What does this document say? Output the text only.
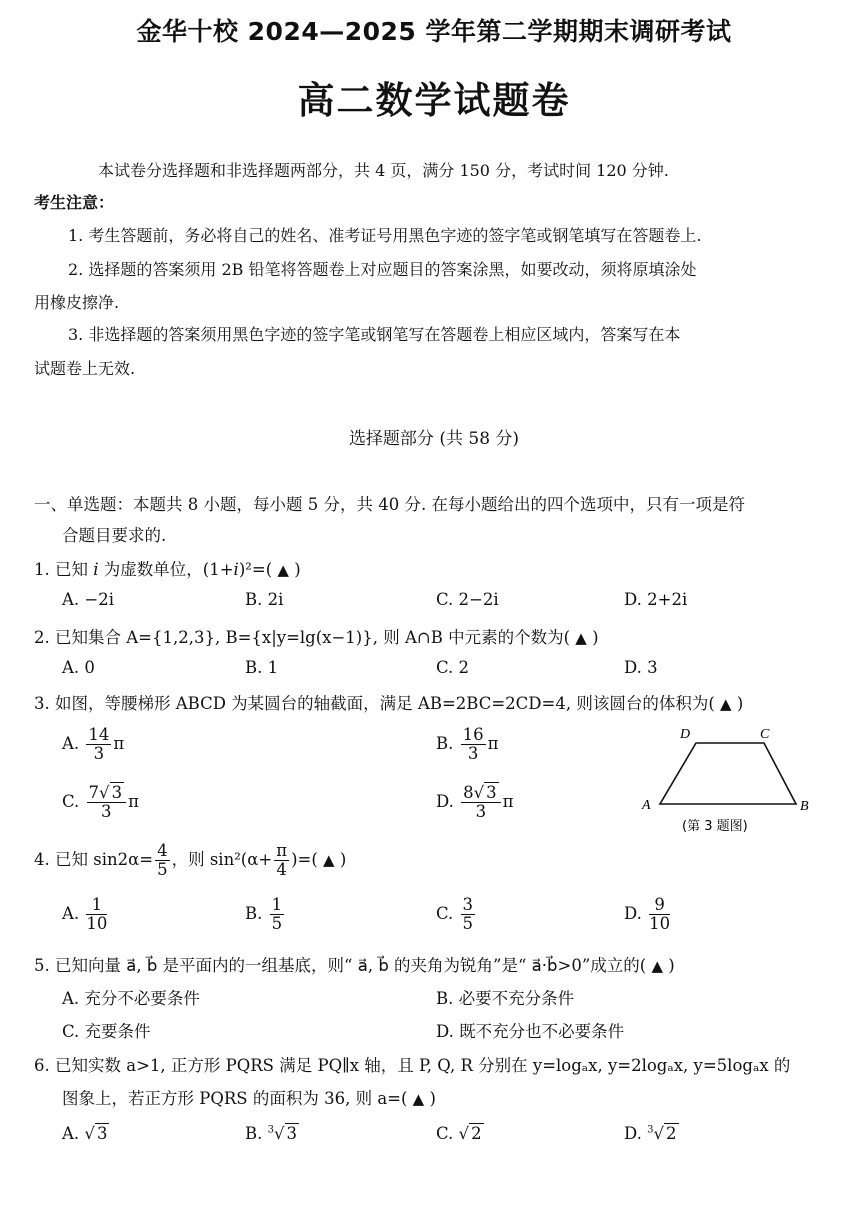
金华十校 2024—2025 学年第二学期期末调研考试
高二数学试题卷
本试卷分选择题和非选择题两部分，共 4 页，满分 150 分，考试时间 120 分钟.
考生注意：
1. 考生答题前，务必将自己的姓名、准考证号用黑色字迹的签字笔或钢笔填写在答题卷上.
2. 选择题的答案须用 2B 铅笔将答题卷上对应题目的答案涂黑，如要改动，须将原填涂处
用橡皮擦净.
3. 非选择题的答案须用黑色字迹的签字笔或钢笔写在答题卷上相应区域内，答案写在本
试题卷上无效.
选择题部分 (共 58 分)
一、单选题：本题共 8 小题，每小题 5 分，共 40 分. 在每小题给出的四个选项中，只有一项是符
合题目要求的.
1. 已知 i 为虚数单位，(1+i)²=( ▲ )
A. −2i	B. 2i	C. 2−2i	D. 2+2i
2. 已知集合 A={1,2,3}, B={x|y=lg(x−1)}, 则 A∩B 中元素的个数为( ▲ )
A. 0	B. 1	C. 2	D. 3
3. 如图，等腰梯形 ABCD 为某圆台的轴截面，满足 AB=2BC=2CD=4, 则该圆台的体积为( ▲ )
A. $\frac{14}{3}$ π	B. $\frac{16}{3}$ π
C. $\frac{7√ 3}{3}$ π	D. $\frac{8√ 3}{3}$ π	A	B
C
D
(第 3 题图)
4. 已知 $\sin 2\alpha= \frac{4}{5}$ ，则 $\sin^2(\alpha+ \frac{\pi}{4}$ )=( ▲ )
A. $\frac{1}{10}$	B. $\frac{1}{5}$	C. $\frac{3}{5}$	D. $\frac{9}{10}$
5. 已知向量 a⃗, b⃗ 是平面内的一组基底，则“ a⃗, b⃗ 的夹角为锐角”是“ a⃗·b⃗>0”成立的( ▲ )
A. 充分不必要条件	B. 必要不充分条件
C. 充要条件	D. 既不充分也不必要条件
6. 已知实数 a>1, 正方形 PQRS 满足 PQ∥x 轴，且 P, Q, R 分别在 y=logₐx, y=2logₐx, y=5logₐx 的
图象上，若正方形 PQRS 的面积为 36, 则 a=( ▲ )
A. √ 3	B. $^3$√ 3	C. √ 2	D. $^3$√ 2
